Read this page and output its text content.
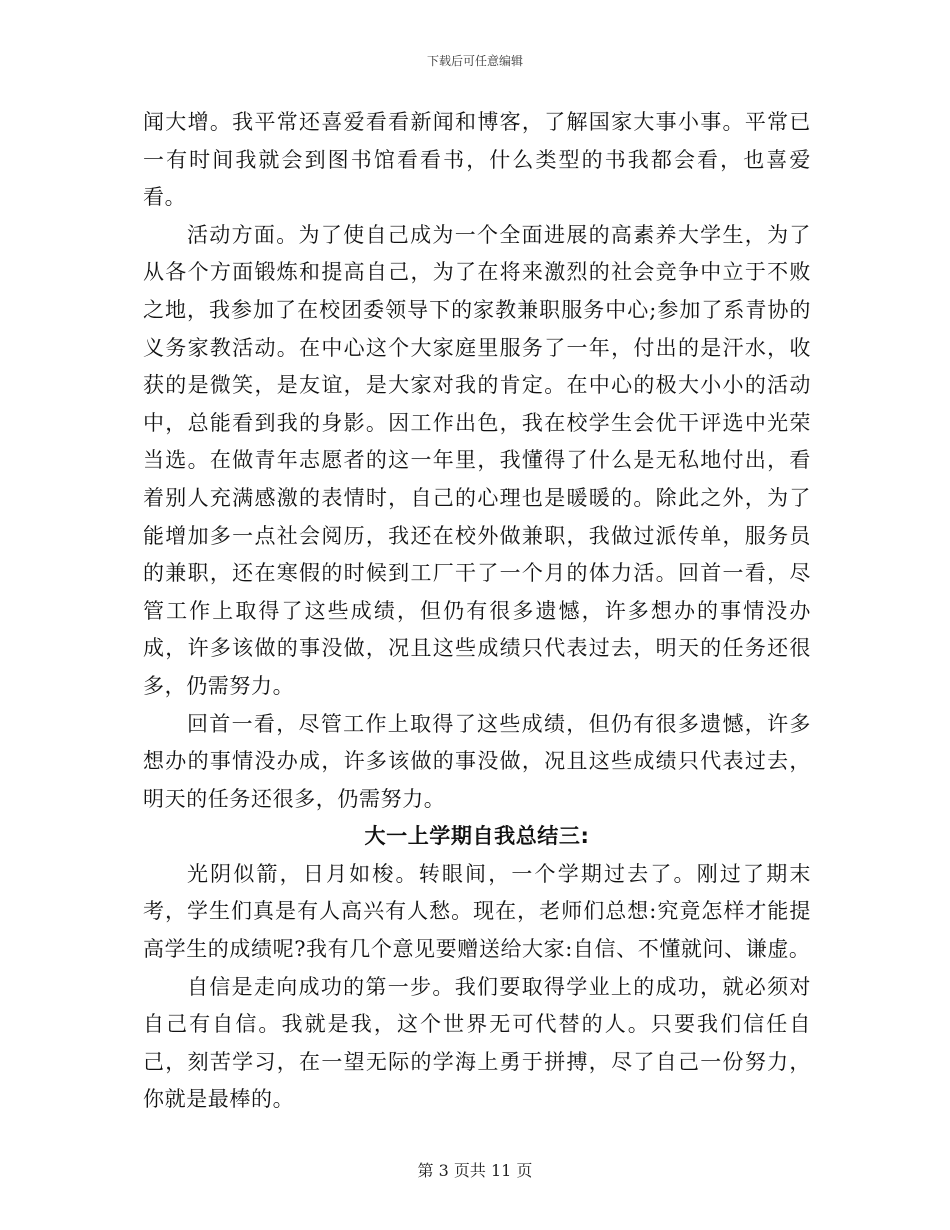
下载后可任意编辑

闻大增。我平常还喜爱看看新闻和博客，了解国家大事小事。平常已一有时间我就会到图书馆看看书，什么类型的书我都会看，也喜爱看。

活动方面。为了使自己成为一个全面进展的高素养大学生，为了从各个方面锻炼和提高自己，为了在将来激烈的社会竞争中立于不败之地，我参加了在校团委领导下的家教兼职服务中心;参加了系青协的义务家教活动。在中心这个大家庭里服务了一年，付出的是汗水，收获的是微笑，是友谊，是大家对我的肯定。在中心的极大小小的活动中，总能看到我的身影。因工作出色，我在校学生会优干评选中光荣当选。在做青年志愿者的这一年里，我懂得了什么是无私地付出，看着别人充满感激的表情时，自己的心理也是暖暖的。除此之外，为了能增加多一点社会阅历，我还在校外做兼职，我做过派传单，服务员的兼职，还在寒假的时候到工厂干了一个月的体力活。回首一看，尽管工作上取得了这些成绩，但仍有很多遗憾，许多想办的事情没办成，许多该做的事没做，况且这些成绩只代表过去，明天的任务还很多，仍需努力。

回首一看，尽管工作上取得了这些成绩，但仍有很多遗憾，许多想办的事情没办成，许多该做的事没做，况且这些成绩只代表过去，明天的任务还很多，仍需努力。

大一上学期自我总结三:

光阴似箭，日月如梭。转眼间，一个学期过去了。刚过了期末考，学生们真是有人高兴有人愁。现在，老师们总想:究竟怎样才能提高学生的成绩呢?我有几个意见要赠送给大家:自信、不懂就问、谦虚。

自信是走向成功的第一步。我们要取得学业上的成功，就必须对自己有自信。我就是我，这个世界无可代替的人。只要我们信任自己，刻苦学习，在一望无际的学海上勇于拼搏，尽了自己一份努力，你就是最棒的。

第 3 页共 11 页
